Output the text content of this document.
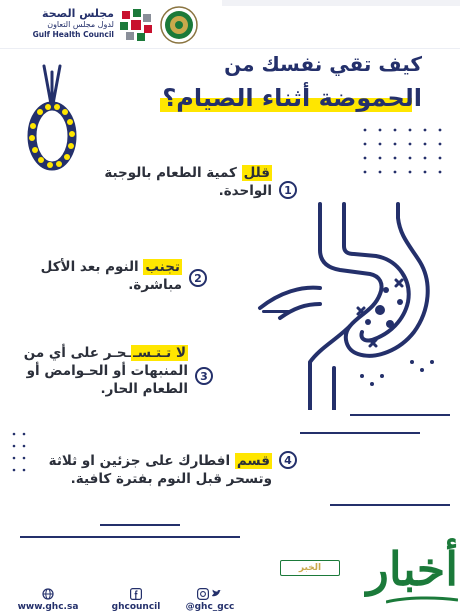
مجلس الصحة
لدول مجلس التعاون
Gulf Health Council
كيف تقي نفسك من
الحموضة أثناء الصيام؟
1
قلل كمية الطعام بالوجبة
الواحدة.
2
تجنب النوم بعد الأكل
مباشرة.
3
لا تـتـســحـر على أي من
المنبهات أو الحـوامض أو
الطعام الحار.
4
قسم افطارك على جزئين او ثلاثة
وتسحر قبل النوم بفترة كافية.
www.ghc.sa	ghcouncil	@ghc_gcc
أخبار
الخبر
